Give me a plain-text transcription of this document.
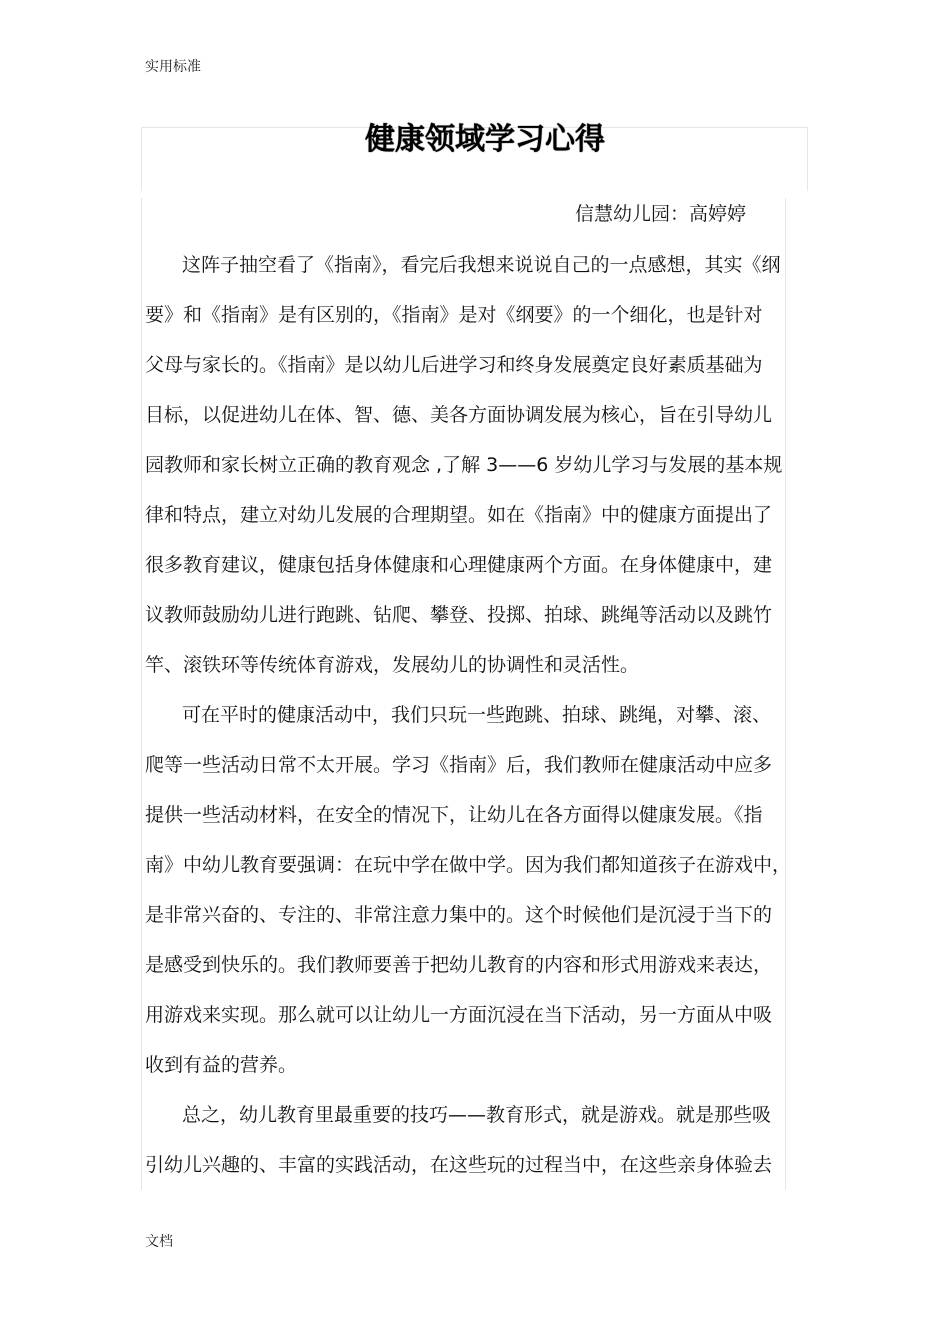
实用标准
健康领域学习心得
信慧幼儿园：高婷婷
这阵子抽空看了《指南》，看完后我想来说说自己的一点感想，其实《纲
要》和《指南》是有区别的，《指南》是对《纲要》的一个细化，也是针对
父母与家长的。《指南》是以幼儿后进学习和终身发展奠定良好素质基础为
目标，以促进幼儿在体、智、德、美各方面协调发展为核心，旨在引导幼儿
园教师和家长树立正确的教育观念 ,了解 3——6 岁幼儿学习与发展的基本规
律和特点，建立对幼儿发展的合理期望。如在《指南》中的健康方面提出了
很多教育建议，健康包括身体健康和心理健康两个方面。在身体健康中，建
议教师鼓励幼儿进行跑跳、钻爬、攀登、投掷、拍球、跳绳等活动以及跳竹
竿、滚铁环等传统体育游戏，发展幼儿的协调性和灵活性。
可在平时的健康活动中，我们只玩一些跑跳、拍球、跳绳，对攀、滚、
爬等一些活动日常不太开展。学习《指南》后，我们教师在健康活动中应多
提供一些活动材料，在安全的情况下，让幼儿在各方面得以健康发展。《指
南》中幼儿教育要强调：在玩中学在做中学。因为我们都知道孩子在游戏中，
是非常兴奋的、专注的、非常注意力集中的。这个时候他们是沉浸于当下的
是感受到快乐的。我们教师要善于把幼儿教育的内容和形式用游戏来表达，
用游戏来实现。那么就可以让幼儿一方面沉浸在当下活动，另一方面从中吸
收到有益的营养。
总之，幼儿教育里最重要的技巧——教育形式，就是游戏。就是那些吸
引幼儿兴趣的、丰富的实践活动，在这些玩的过程当中，在这些亲身体验去
文档
